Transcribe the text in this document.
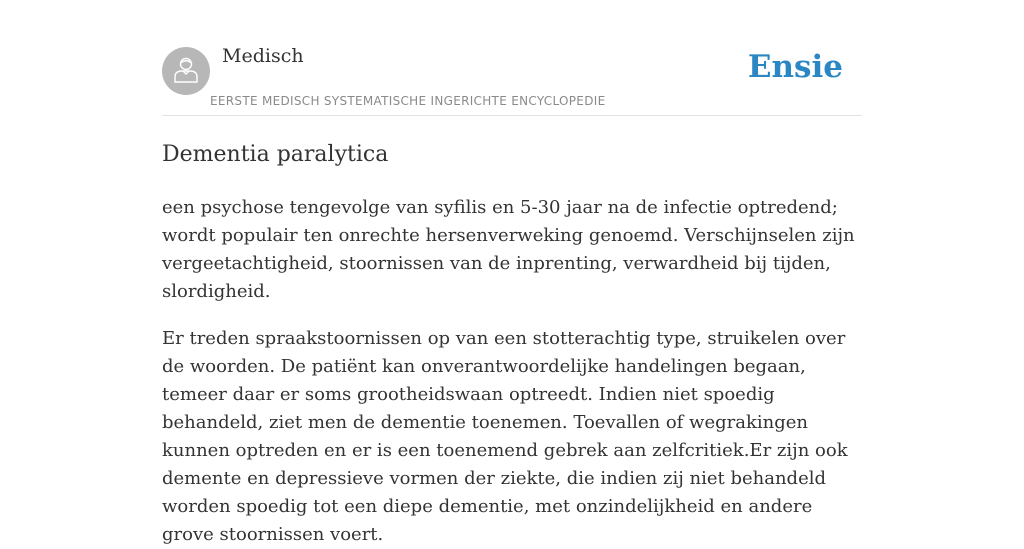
Medisch
EERSTE MEDISCH SYSTEMATISCHE INGERICHTE ENCYCLOPEDIE
Ensie
Dementia paralytica

een psychose tengevolge van syfilis en 5-30 jaar na de infectie optredend; wordt populair ten onrechte hersenverweking genoemd. Verschijnselen zijn vergeetachtigheid, stoornissen van de inprenting, verwardheid bij tijden, slordigheid.

Er treden spraakstoornissen op van een stotterachtig type, struikelen over de woorden. De patiënt kan onverantwoordelijke handelingen begaan, temeer daar er soms grootheidswaan optreedt. Indien niet spoedig behandeld, ziet men de dementie toenemen. Toevallen of wegrakingen kunnen optreden en er is een toenemend gebrek aan zelfcritiek.Er zijn ook demente en depressieve vormen der ziekte, die indien zij niet behandeld worden spoedig tot een diepe dementie, met onzindelijkheid en andere grove stoornissen voert.
